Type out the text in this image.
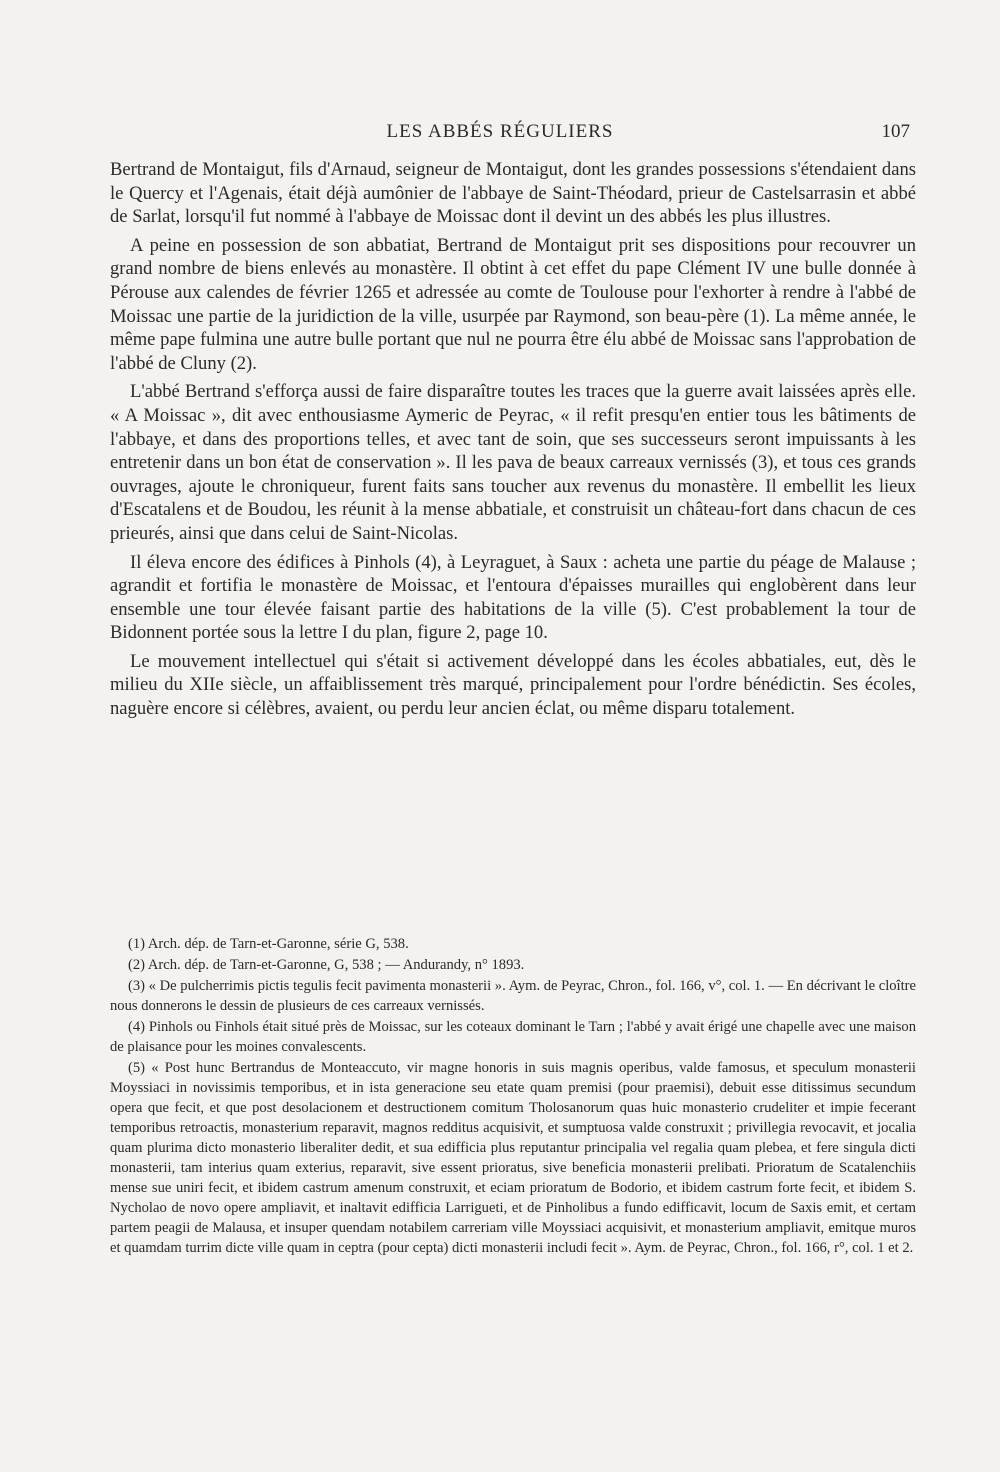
LES ABBÉS RÉGULIERS	107

Bertrand de Montaigut, fils d'Arnaud, seigneur de Montaigut, dont les grandes possessions s'étendaient dans le Quercy et l'Agenais, était déjà aumônier de l'abbaye de Saint-Théodard, prieur de Castelsarrasin et abbé de Sarlat, lorsqu'il fut nommé à l'abbaye de Moissac dont il devint un des abbés les plus illustres.

A peine en possession de son abbatiat, Bertrand de Montaigut prit ses dispositions pour recouvrer un grand nombre de biens enlevés au monastère. Il obtint à cet effet du pape Clément IV une bulle donnée à Pérouse aux calendes de février 1265 et adressée au comte de Toulouse pour l'exhorter à rendre à l'abbé de Moissac une partie de la juridiction de la ville, usurpée par Raymond, son beau-père (1). La même année, le même pape fulmina une autre bulle portant que nul ne pourra être élu abbé de Moissac sans l'approbation de l'abbé de Cluny (2).

L'abbé Bertrand s'efforça aussi de faire disparaître toutes les traces que la guerre avait laissées après elle. « A Moissac », dit avec enthousiasme Aymeric de Peyrac, « il refit presqu'en entier tous les bâtiments de l'abbaye, et dans des proportions telles, et avec tant de soin, que ses successeurs seront impuissants à les entretenir dans un bon état de conservation ». Il les pava de beaux carreaux vernissés (3), et tous ces grands ouvrages, ajoute le chroniqueur, furent faits sans toucher aux revenus du monastère. Il embellit les lieux d'Escatalens et de Boudou, les réunit à la mense abbatiale, et construisit un château-fort dans chacun de ces prieurés, ainsi que dans celui de Saint-Nicolas.

Il éleva encore des édifices à Pinhols (4), à Leyraguet, à Saux : acheta une partie du péage de Malause ; agrandit et fortifia le monastère de Moissac, et l'entoura d'épaisses murailles qui englobèrent dans leur ensemble une tour élevée faisant partie des habitations de la ville (5). C'est probablement la tour de Bidonnent portée sous la lettre I du plan, figure 2, page 10.

Le mouvement intellectuel qui s'était si activement développé dans les écoles abbatiales, eut, dès le milieu du XIIe siècle, un affaiblissement très marqué, principalement pour l'ordre bénédictin. Ses écoles, naguère encore si célèbres, avaient, ou perdu leur ancien éclat, ou même disparu totalement.

(1) Arch. dép. de Tarn-et-Garonne, série G, 538.

(2) Arch. dép. de Tarn-et-Garonne, G, 538 ; — Andurandy, n° 1893.

(3) « De pulcherrimis pictis tegulis fecit pavimenta monasterii ». Aym. de Peyrac, Chron., fol. 166, v°, col. 1. — En décrivant le cloître nous donnerons le dessin de plusieurs de ces carreaux vernissés.

(4) Pinhols ou Finhols était situé près de Moissac, sur les coteaux dominant le Tarn ; l'abbé y avait érigé une chapelle avec une maison de plaisance pour les moines convalescents.

(5) « Post hunc Bertrandus de Monteaccuto, vir magne honoris in suis magnis operibus, valde famosus, et speculum monasterii Moyssiaci in novissimis temporibus, et in ista generacione seu etate quam premisi (pour praemisi), debuit esse ditissimus secundum opera que fecit, et que post desolacionem et destructionem comitum Tholosanorum quas huic monasterio crudeliter et impie fecerant temporibus retroactis, monasterium reparavit, magnos redditus acquisivit, et sumptuosa valde construxit ; privillegia revocavit, et jocalia quam plurima dicto monasterio liberaliter dedit, et sua edifficia plus reputantur principalia vel regalia quam plebea, et fere singula dicti monasterii, tam interius quam exterius, reparavit, sive essent prioratus, sive beneficia monasterii prelibati. Prioratum de Scatalenchiis mense sue uniri fecit, et ibidem castrum amenum construxit, et eciam prioratum de Bodorio, et ibidem castrum forte fecit, et ibidem S. Nycholao de novo opere ampliavit, et inaltavit edifficia Larrigueti, et de Pinholibus a fundo edifficavit, locum de Saxis emit, et certam partem peagii de Malausa, et insuper quendam notabilem carreriam ville Moyssiaci acquisivit, et monasterium ampliavit, emitque muros et quamdam turrim dicte ville quam in ceptra (pour cepta) dicti monasterii includi fecit ». Aym. de Peyrac, Chron., fol. 166, r°, col. 1 et 2.
